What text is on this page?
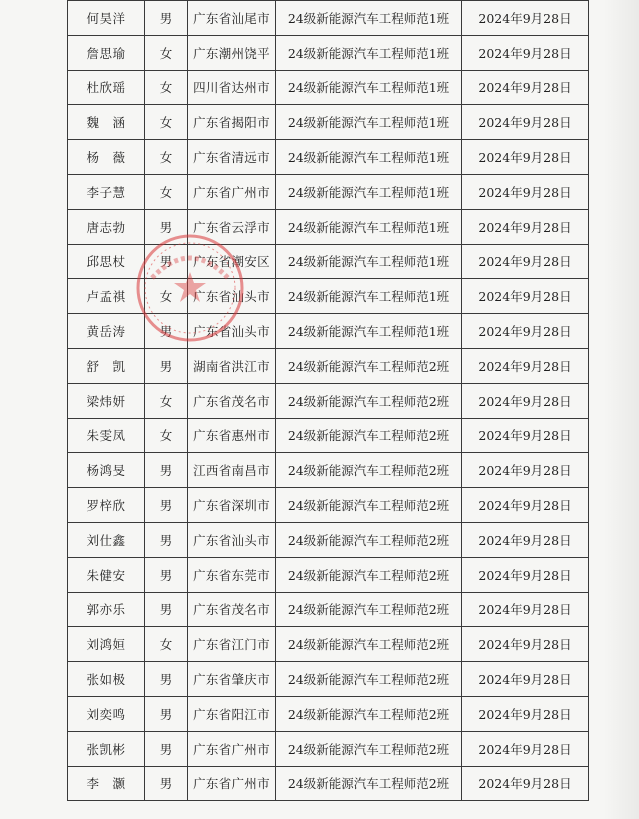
何昊洋	男	广东省汕尾市	24级新能源汽车工程师范1班	2024年9月28日
詹思瑜	女	广东潮州饶平	24级新能源汽车工程师范1班	2024年9月28日
杜欣瑶	女	四川省达州市	24级新能源汽车工程师范1班	2024年9月28日
魏　涵	女	广东省揭阳市	24级新能源汽车工程师范1班	2024年9月28日
杨　薇	女	广东省清远市	24级新能源汽车工程师范1班	2024年9月28日
李子慧	女	广东省广州市	24级新能源汽车工程师范1班	2024年9月28日
唐志勃	男	广东省云浮市	24级新能源汽车工程师范1班	2024年9月28日
邱思杖	男	广东省潮安区	24级新能源汽车工程师范1班	2024年9月28日
卢孟祺	女	广东省汕头市	24级新能源汽车工程师范1班	2024年9月28日
黄岳涛	男	广东省汕头市	24级新能源汽车工程师范1班	2024年9月28日
舒　凯	男	湖南省洪江市	24级新能源汽车工程师范2班	2024年9月28日
梁炜妍	女	广东省茂名市	24级新能源汽车工程师范2班	2024年9月28日
朱雯凤	女	广东省惠州市	24级新能源汽车工程师范2班	2024年9月28日
杨鸿旻	男	江西省南昌市	24级新能源汽车工程师范2班	2024年9月28日
罗梓欣	男	广东省深圳市	24级新能源汽车工程师范2班	2024年9月28日
刘仕鑫	男	广东省汕头市	24级新能源汽车工程师范2班	2024年9月28日
朱健安	男	广东省东莞市	24级新能源汽车工程师范2班	2024年9月28日
郭亦乐	男	广东省茂名市	24级新能源汽车工程师范2班	2024年9月28日
刘鸿姮	女	广东省江门市	24级新能源汽车工程师范2班	2024年9月28日
张如极	男	广东省肇庆市	24级新能源汽车工程师范2班	2024年9月28日
刘奕鸣	男	广东省阳江市	24级新能源汽车工程师范2班	2024年9月28日
张凯彬	男	广东省广州市	24级新能源汽车工程师范2班	2024年9月28日
李　灏	男	广东省广州市	24级新能源汽车工程师范2班	2024年9月28日
